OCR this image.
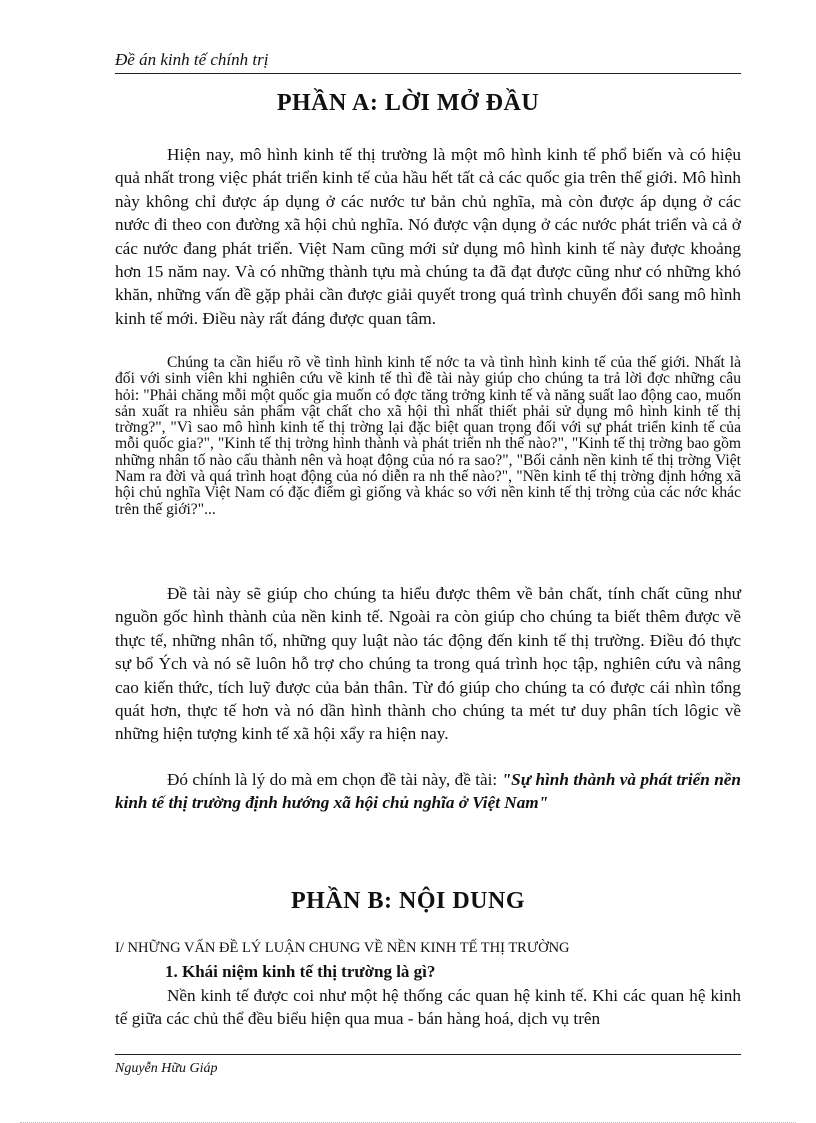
Đề án kinh tế chính trị
PHẦN A: LỜI MỞ ĐẦU

Hiện nay, mô hình kinh tế thị trường là một mô hình kinh tế phổ biến và có hiệu quả nhất trong việc phát triển kinh tế của hầu hết tất cả các quốc gia trên thế giới. Mô hình này không chỉ được áp dụng ở các nước tư bản chủ nghĩa, mà còn được áp dụng ở các nước đi theo con đường xã hội chủ nghĩa. Nó được vận dụng ở các nước phát triển và cả ở các nước đang phát triển. Việt Nam cũng mới sử dụng mô hình kinh tế này được khoảng hơn 15 năm nay. Và có những thành tựu mà chúng ta đã đạt được cũng như có những khó khăn, những vấn đề gặp phải cần được giải quyết trong quá trình chuyển đổi sang mô hình kinh tế mới. Điều này rất đáng được quan tâm.

Chúng ta cần hiểu rõ về tình hình kinh tế nớc ta và tình hình kinh tế của thế giới. Nhất là đối với sinh viên khi nghiên cứu về kinh tế thì đề tài này giúp cho chúng ta trả lời đợc những câu hỏi: "Phải chăng mỗi một quốc gia muốn có đợc tăng trởng kinh tế và năng suất lao động cao, muốn sản xuất ra nhiều sản phẩm vật chất cho xã hội thì nhất thiết phải sử dụng mô hình kinh tế thị trờng?", "Vì sao mô hình kinh tế thị trờng lại đặc biệt quan trọng đối với sự phát triển kinh tế của mỗi quốc gia?", "Kinh tế thị trờng hình thành và phát triển nh thế nào?", "Kinh tế thị trờng bao gồm những nhân tố nào cấu thành nên và hoạt động của nó ra sao?", "Bối cảnh nền kinh tế thị trờng Việt Nam ra đời và quá trình hoạt động của nó diễn ra nh thế nào?", "Nền kinh tế thị trờng định hớng xã hội chủ nghĩa Việt Nam có đặc điểm gì giống và khác so với nền kinh tế thị trờng của các nớc khác trên thế giới?"...

Đề tài này sẽ giúp cho chúng ta hiểu được thêm về bản chất, tính chất cũng như nguồn gốc hình thành của nền kinh tế. Ngoài ra còn giúp cho chúng ta biết thêm được về thực tế, những nhân tố, những quy luật nào tác động đến kinh tế thị trường. Điều đó thực sự bổ Ých và nó sẽ luôn hỗ trợ cho chúng ta trong quá trình học tập, nghiên cứu và nâng cao kiến thức, tích luỹ được của bản thân. Từ đó giúp cho chúng ta có được cái nhìn tổng quát hơn, thực tế hơn và nó dần hình thành cho chúng ta mét tư duy phân tích lôgic về những hiện tượng kinh tế xã hội xẩy ra hiện nay.

Đó chính là lý do mà em chọn đề tài này, đề tài: "Sự hình thành và phát triển nền kinh tế thị trường định hướng xã hội chủ nghĩa ở Việt Nam"

PHẦN B: NỘI DUNG

I/ NHỮNG VẤN ĐỀ LÝ LUẬN CHUNG VỀ NỀN KINH TẾ THỊ TRƯỜNG

1. Khái niệm kinh tế thị trường là gì?

Nền kinh tế được coi như một hệ thống các quan hệ kinh tế. Khi các quan hệ kinh tế giữa các chủ thể đều biểu hiện qua mua - bán hàng hoá, dịch vụ trên

Nguyễn Hữu Giáp
